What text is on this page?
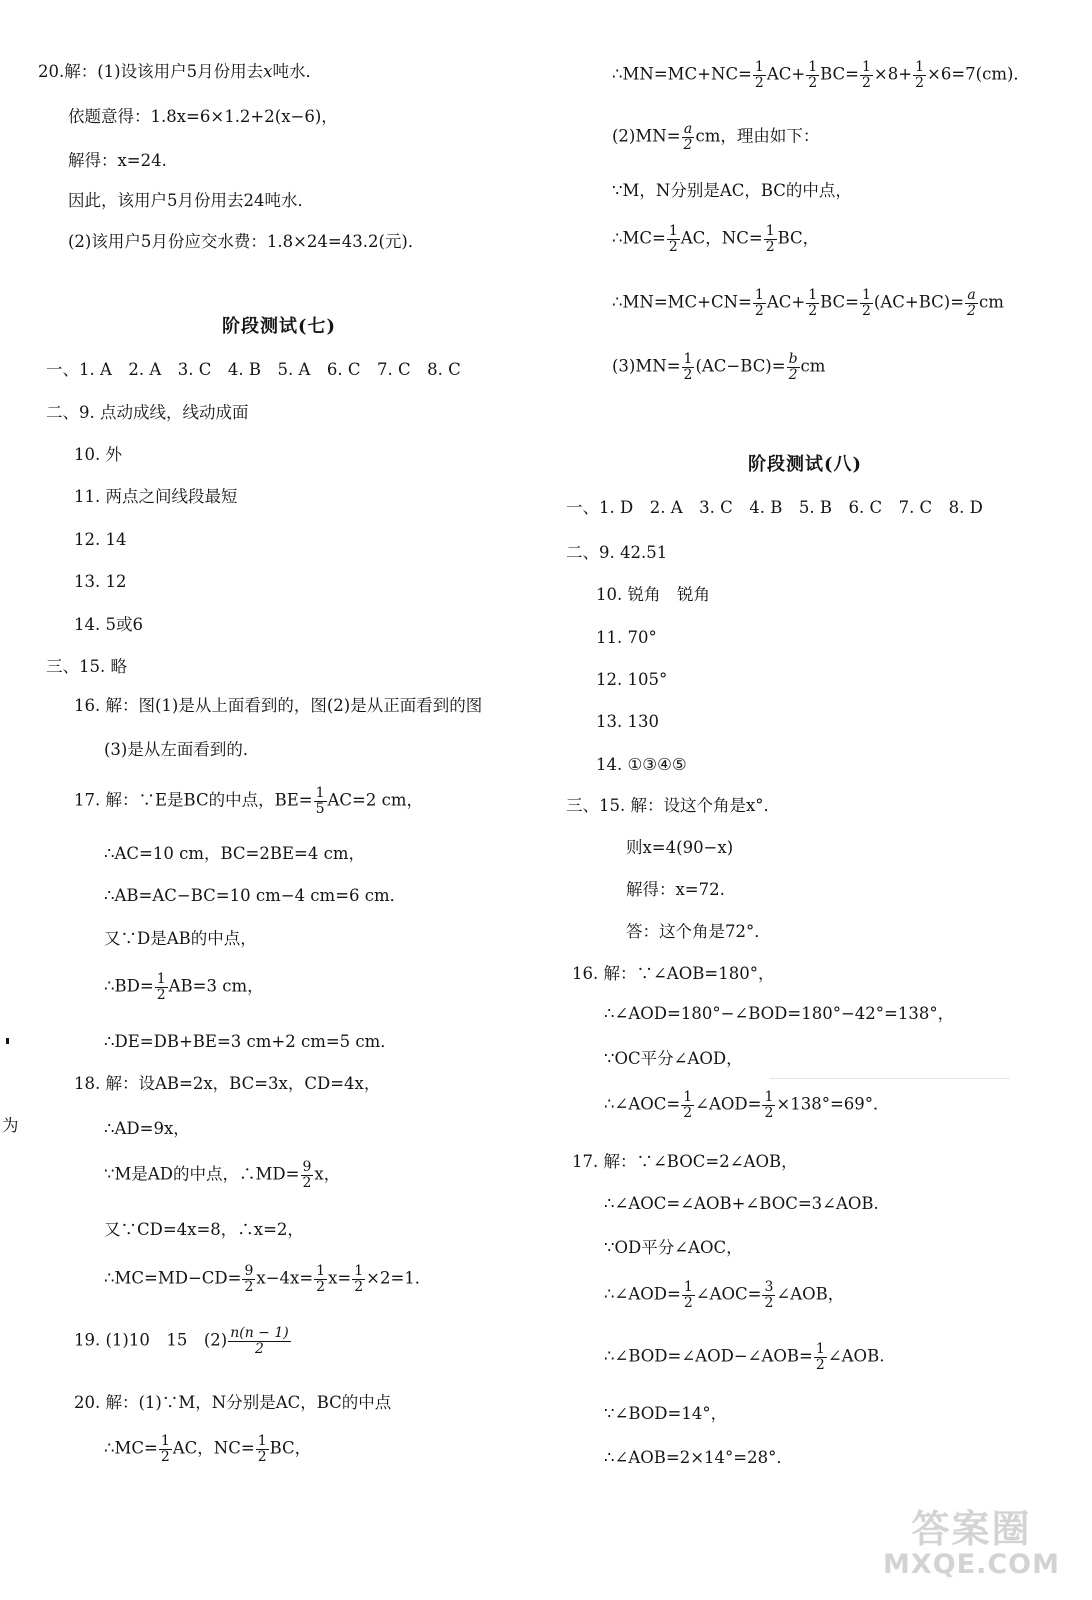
20.解：(1)设该用户5月份用去x吨水．
依题意得：1.8x=6×1.2+2(x−6)，
解得：x=24.
因此，该用户5月份用去24吨水．
(2)该用户5月份应交水费：1.8×24=43.2(元)．
阶段测试(七)
一、1. A　2. A　3. C　4. B　5. A　6. C　7. C　8. C
二、9. 点动成线，线动成面
10. 外
11. 两点之间线段最短
12. 14
13. 12
14. 5或6
三、15. 略
16. 解：图(1)是从上面看到的，图(2)是从正面看到的图
(3)是从左面看到的．
17. 解：∵E是BC的中点，$BE= \frac{1}{5} AC=2$ cm，
∴AC=10 cm，BC=2BE=4 cm，
∴AB=AC−BC=10 cm−4 cm=6 cm．
又∵D是AB的中点，
∴BD= $\frac{1}{2} AB=3$ cm，
∴DE=DB+BE=3 cm+2 cm=5 cm．
18. 解：设AB=2x，BC=3x，CD=4x，
∴AD=9x，
∵M是AD的中点，∴MD= $\frac{9}{2}$ x，
又∵CD=4x=8，∴x=2，
∴MC=MD−CD= $\frac{9}{2} x-4x= \frac{1}{2} x= \frac{1}{2} \times 2=1$．
19. (1)10　15　$(2) \frac{n(n - 1)}{2}$
20. 解：(1)∵M，N分别是AC，BC的中点
∴MC= $\frac{1}{2}$ AC，$NC= \frac{1}{2}$ BC，
为
∴MN=MC+NC= $\frac{1}{2} AC+ \frac{1}{2} BC= \frac{1}{2} \times 8+ \frac{1}{2} \times 6=7(cm)$．
$(2)MN= \frac{a}{2}$ cm，理由如下：
∵M，N分别是AC，BC的中点，
∴MC= $\frac{1}{2}$ AC，$NC= \frac{1}{2}$ BC，
∴MN=MC+CN= $\frac{1}{2} AC+ \frac{1}{2} BC= \frac{1}{2} (AC+BC)= \frac{a}{2}$ cm
$(3)MN= \frac{1}{2} (AC-BC)= \frac{b}{2}$ cm
阶段测试(八)
一、1. D　2. A　3. C　4. B　5. B　6. C　7. C　8. D
二、9. 42.51
10. 锐角　锐角
11. 70°
12. 105°
13. 130
14. ①③④⑤
三、15. 解：设这个角是x°．
则x=4(90−x)
解得：x=72.
答：这个角是72°．
16. 解：∵∠AOB=180°，
∴∠AOD=180°−∠BOD=180°−42°=138°，
∵OC平分∠AOD，
∴∠AOC= $\frac{1}{2}$ ∠AOD= $\frac{1}{2} \times 138^\circ=69^\circ$．
17. 解：∵∠BOC=2∠AOB，
∴∠AOC=∠AOB+∠BOC=3∠AOB.
∵OD平分∠AOC，
∴∠AOD= $\frac{1}{2}$ ∠AOC= $\frac{3}{2}$ ∠AOB，
∴∠BOD=∠AOD−∠AOB= $\frac{1}{2}$ ∠AOB.
∵∠BOD=14°，
∴∠AOB=2×14°=28°．
答案圈
MXQE.COM
